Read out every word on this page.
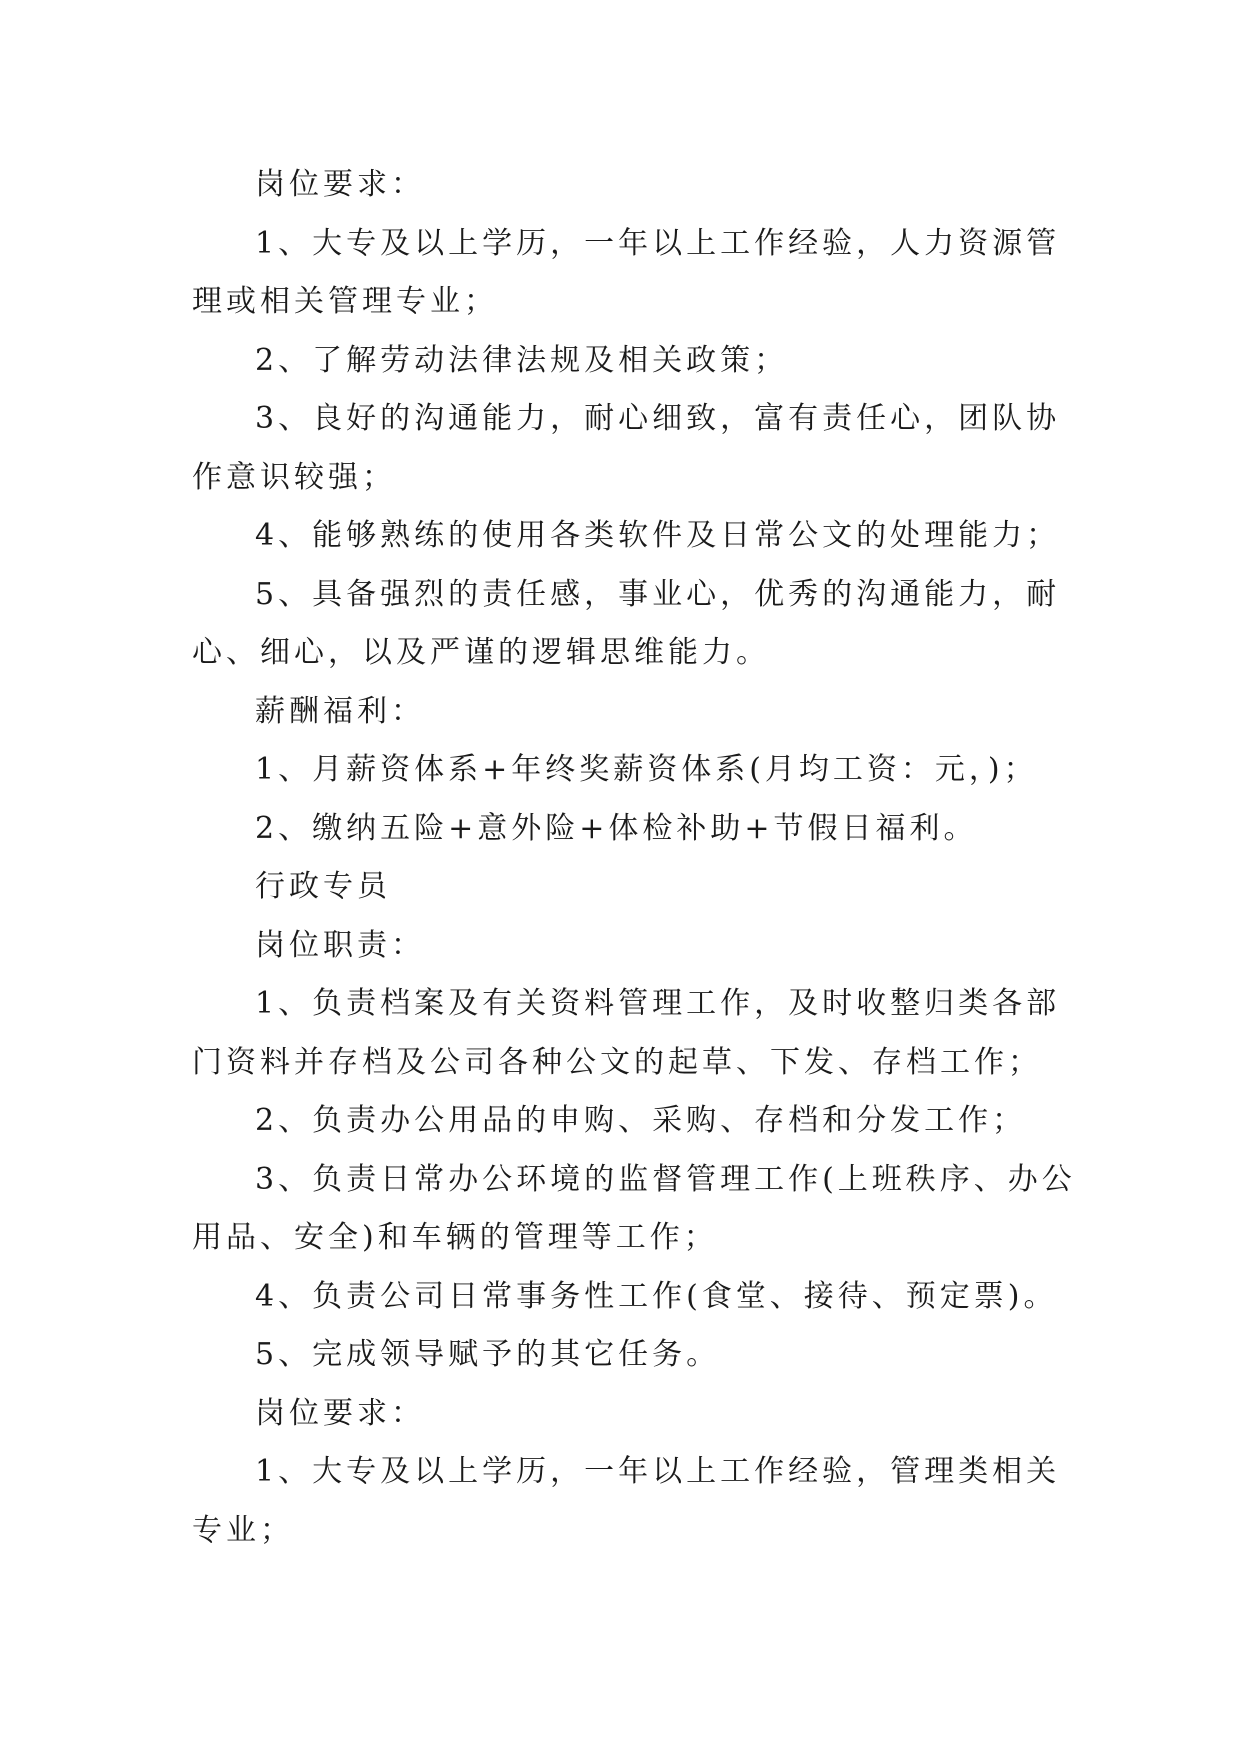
岗位要求：
1、大专及以上学历，一年以上工作经验，人力资源管
理或相关管理专业；
2、了解劳动法律法规及相关政策；
3、良好的沟通能力，耐心细致，富有责任心，团队协
作意识较强；
4、能够熟练的使用各类软件及日常公文的处理能力；
5、具备强烈的责任感，事业心，优秀的沟通能力，耐
心、细心，以及严谨的逻辑思维能力。
薪酬福利：
1、月薪资体系+年终奖薪资体系(月均工资：元，)；
2、缴纳五险+意外险+体检补助+节假日福利。
行政专员
岗位职责：
1、负责档案及有关资料管理工作，及时收整归类各部
门资料并存档及公司各种公文的起草、下发、存档工作；
2、负责办公用品的申购、采购、存档和分发工作；
3、负责日常办公环境的监督管理工作(上班秩序、办公
用品、安全)和车辆的管理等工作；
4、负责公司日常事务性工作(食堂、接待、预定票)。
5、完成领导赋予的其它任务。
岗位要求：
1、大专及以上学历，一年以上工作经验，管理类相关
专业；
